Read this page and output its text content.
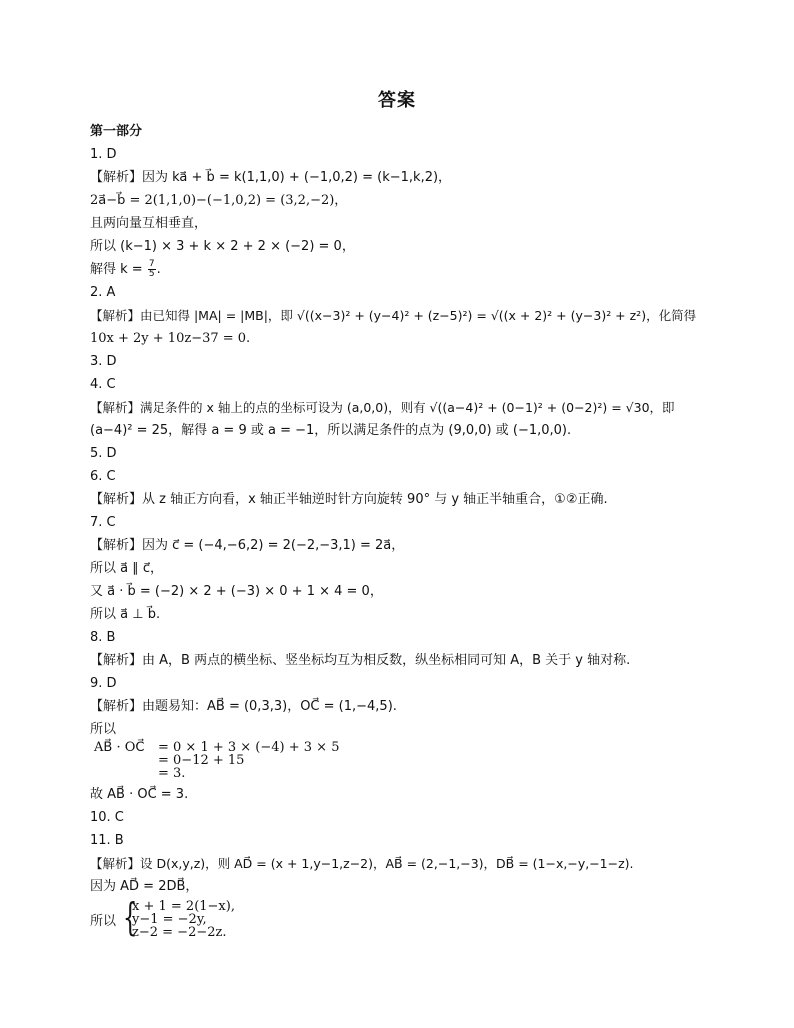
答案
第一部分
1. D
【解析】因为 ka⃗ + b⃗ = k(1,1,0) + (−1,0,2) = (k−1,k,2)，
2a⃗−b⃗ = 2(1,1,0)−(−1,0,2) = (3,2,−2)，
且两向量互相垂直，
所以 (k−1) × 3 + k × 2 + 2 × (−2) = 0，
解得 $k = \frac{7}{5}$ .
2. A
【解析】由已知得 |MA| = |MB|，即 √((x−3)² + (y−4)² + (z−5)²) = √((x + 2)² + (y−3)² + z²)，化简得
10x + 2y + 10z−37 = 0.
3. D
4. C
【解析】满足条件的 x 轴上的点的坐标可设为 (a,0,0)，则有 √((a−4)² + (0−1)² + (0−2)²) = √30，即
(a−4)² = 25，解得 a = 9 或 a = −1，所以满足条件的点为 (9,0,0) 或 (−1,0,0).
5. D
6. C
【解析】从 z 轴正方向看，x 轴正半轴逆时针方向旋转 90° 与 y 轴正半轴重合，①②正确.
7. C
【解析】因为 c⃗ = (−4,−6,2) = 2(−2,−3,1) = 2a⃗，
所以 a⃗ ∥ c⃗，
又 a⃗ · b⃗ = (−2) × 2 + (−3) × 0 + 1 × 4 = 0，
所以 a⃗ ⊥ b⃗.
8. B
【解析】由 A，B 两点的横坐标、竖坐标均互为相反数，纵坐标相同可知 A，B 关于 y 轴对称.
9. D
【解析】由题易知：AB⃗ = (0,3,3)，OC⃗ = (1,−4,5).
所以
AB⃗ · OC⃗ = 0 × 1 + 3 × (−4) + 3 × 5
= 0−12 + 15
= 3.
故 AB⃗ · OC⃗ = 3.
10. C
11. B
【解析】设 D(x,y,z)，则 AD⃗ = (x + 1,y−1,z−2)，AB⃗ = (2,−1,−3)，DB⃗ = (1−x,−y,−1−z).
因为 AD⃗ = 2DB⃗，
所以 {
x + 1 = 2(1−x),
y−1 = −2y,
z−2 = −2−2z.
